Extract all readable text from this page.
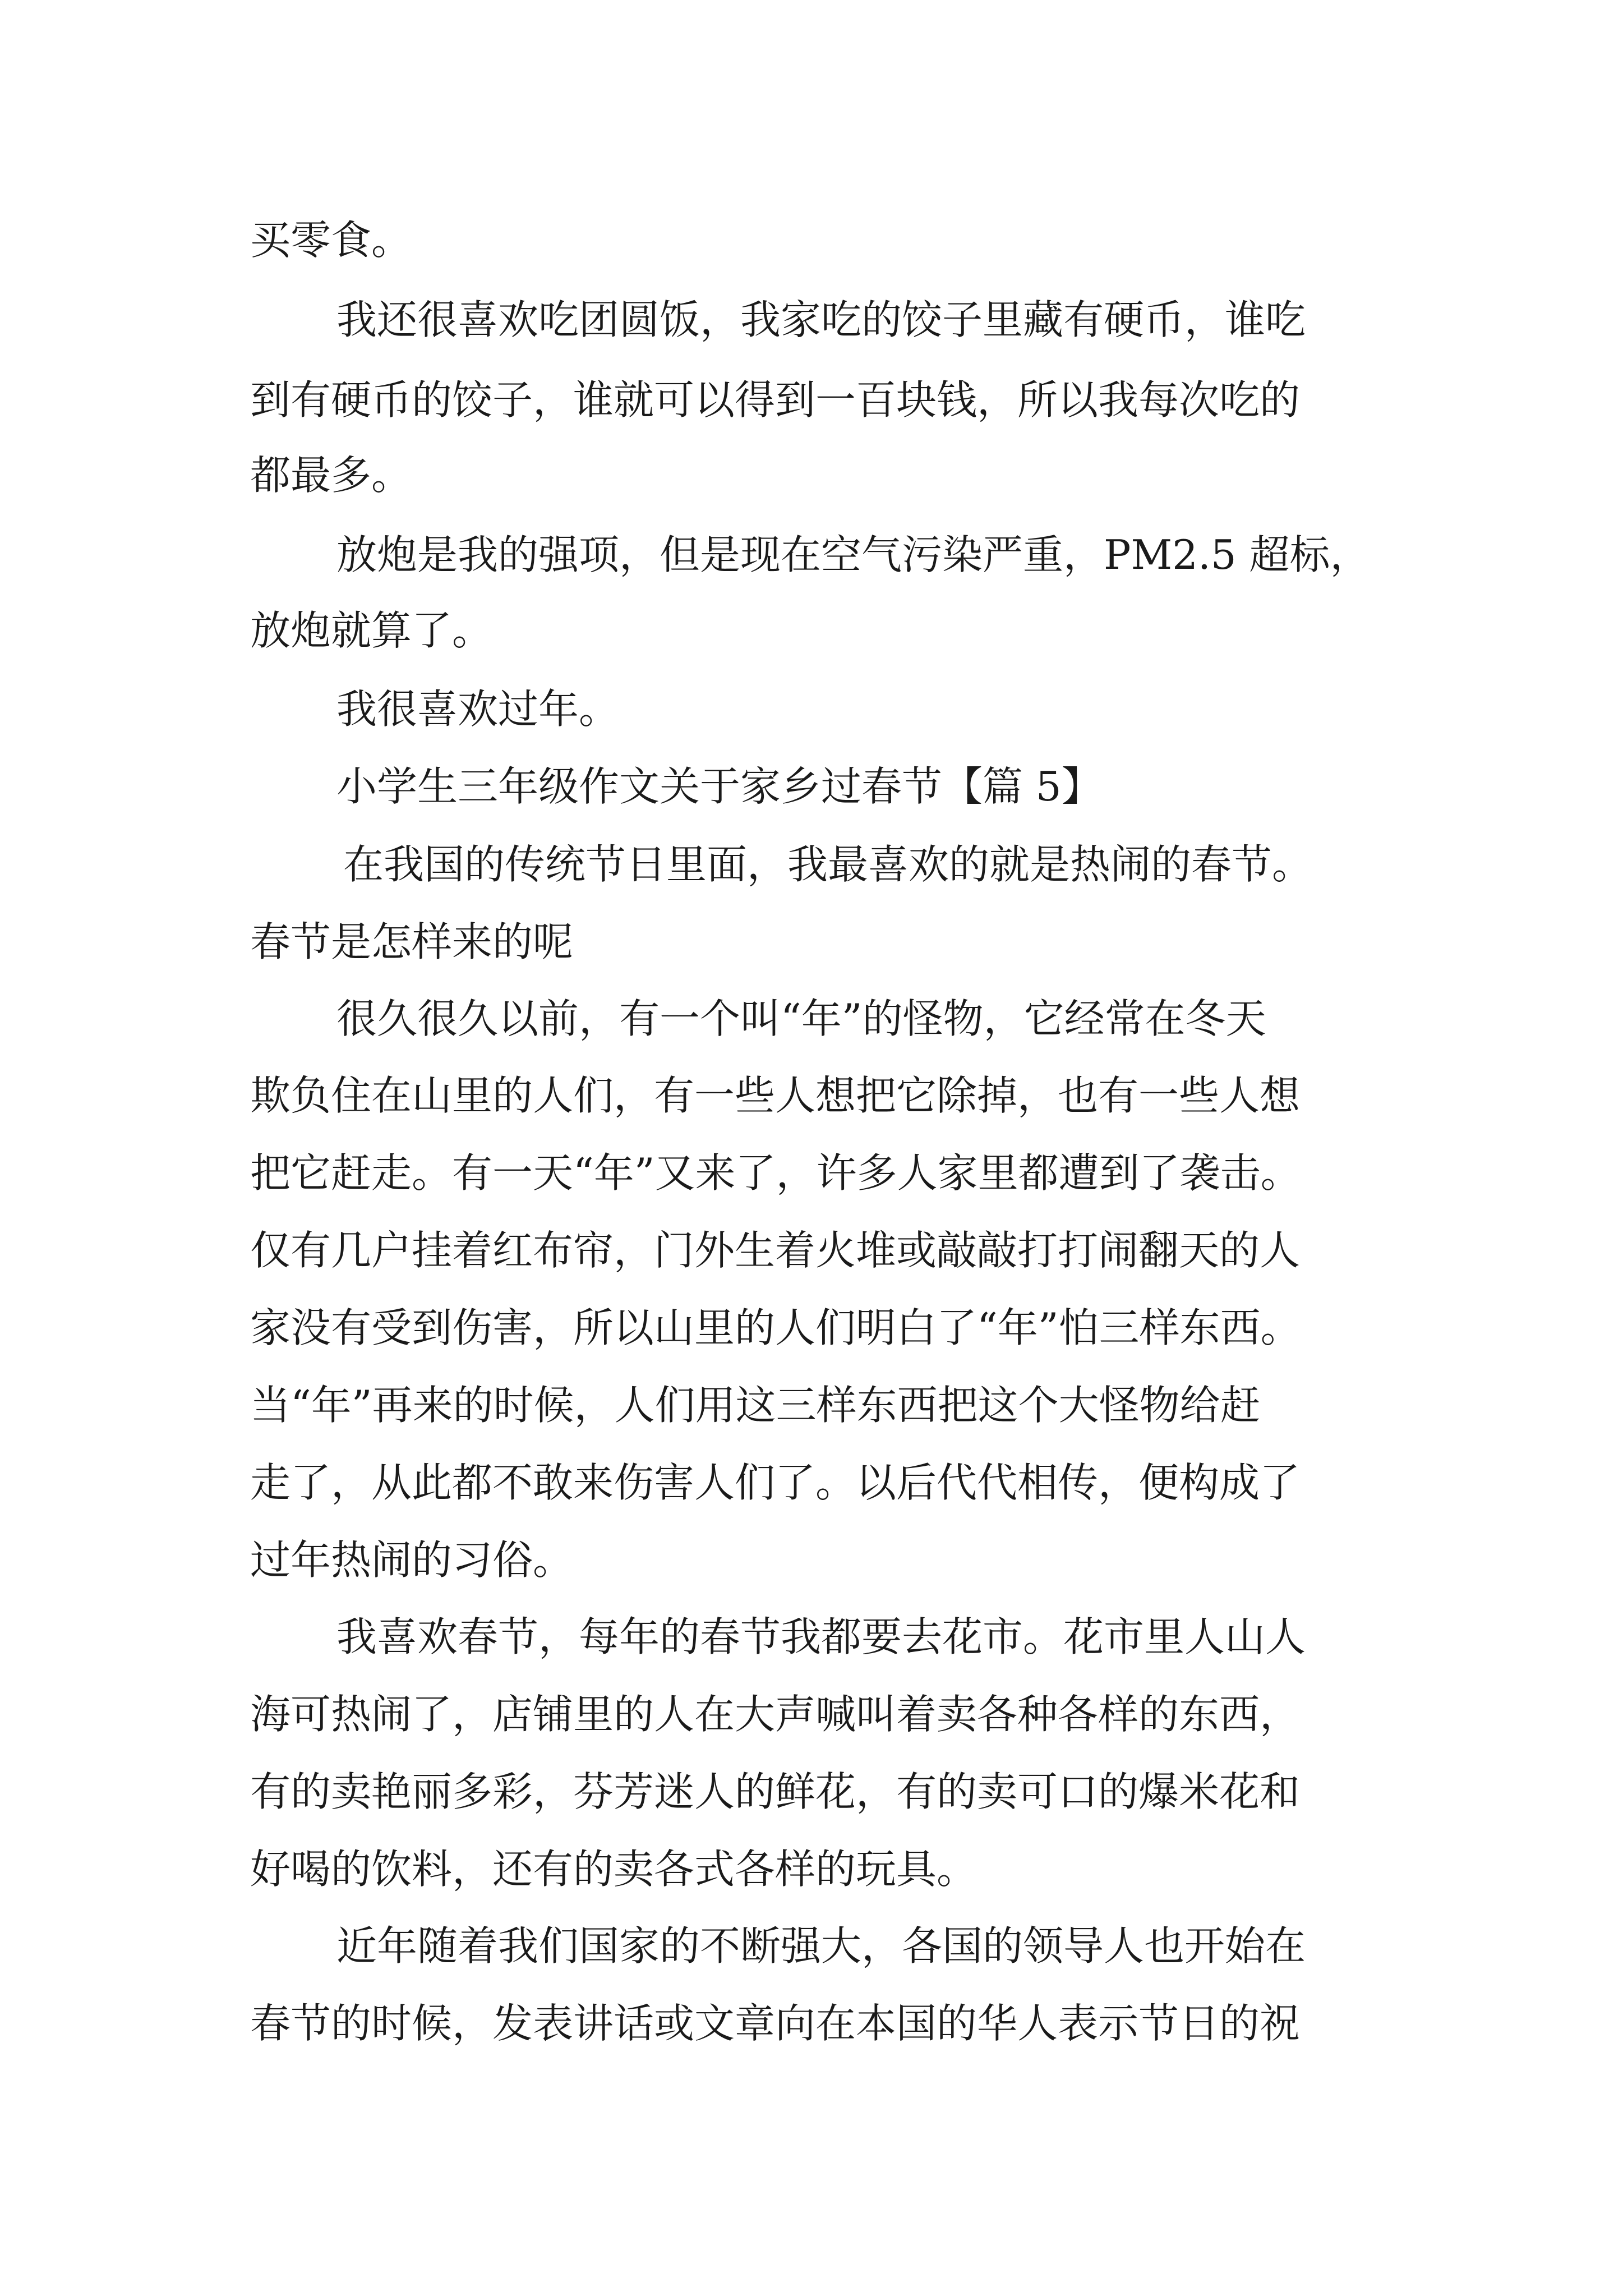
买零食。

我还很喜欢吃团圆饭，我家吃的饺子里藏有硬币，谁吃

到有硬币的饺子，谁就可以得到一百块钱，所以我每次吃的

都最多。

放炮是我的强项，但是现在空气污染严重，PM2.5 超标，

放炮就算了。

我很喜欢过年。

小学生三年级作文关于家乡过春节【篇 5】

在我国的传统节日里面，我最喜欢的就是热闹的春节。

春节是怎样来的呢

很久很久以前，有一个叫“年”的怪物，它经常在冬天

欺负住在山里的人们，有一些人想把它除掉，也有一些人想

把它赶走。有一天“年”又来了，许多人家里都遭到了袭击。

仅有几户挂着红布帘，门外生着火堆或敲敲打打闹翻天的人

家没有受到伤害，所以山里的人们明白了“年”怕三样东西。

当“年”再来的时候，人们用这三样东西把这个大怪物给赶

走了，从此都不敢来伤害人们了。以后代代相传，便构成了

过年热闹的习俗。

我喜欢春节，每年的春节我都要去花市。花市里人山人

海可热闹了，店铺里的人在大声喊叫着卖各种各样的东西，

有的卖艳丽多彩，芬芳迷人的鲜花，有的卖可口的爆米花和

好喝的饮料，还有的卖各式各样的玩具。

近年随着我们国家的不断强大，各国的领导人也开始在

春节的时候，发表讲话或文章向在本国的华人表示节日的祝
